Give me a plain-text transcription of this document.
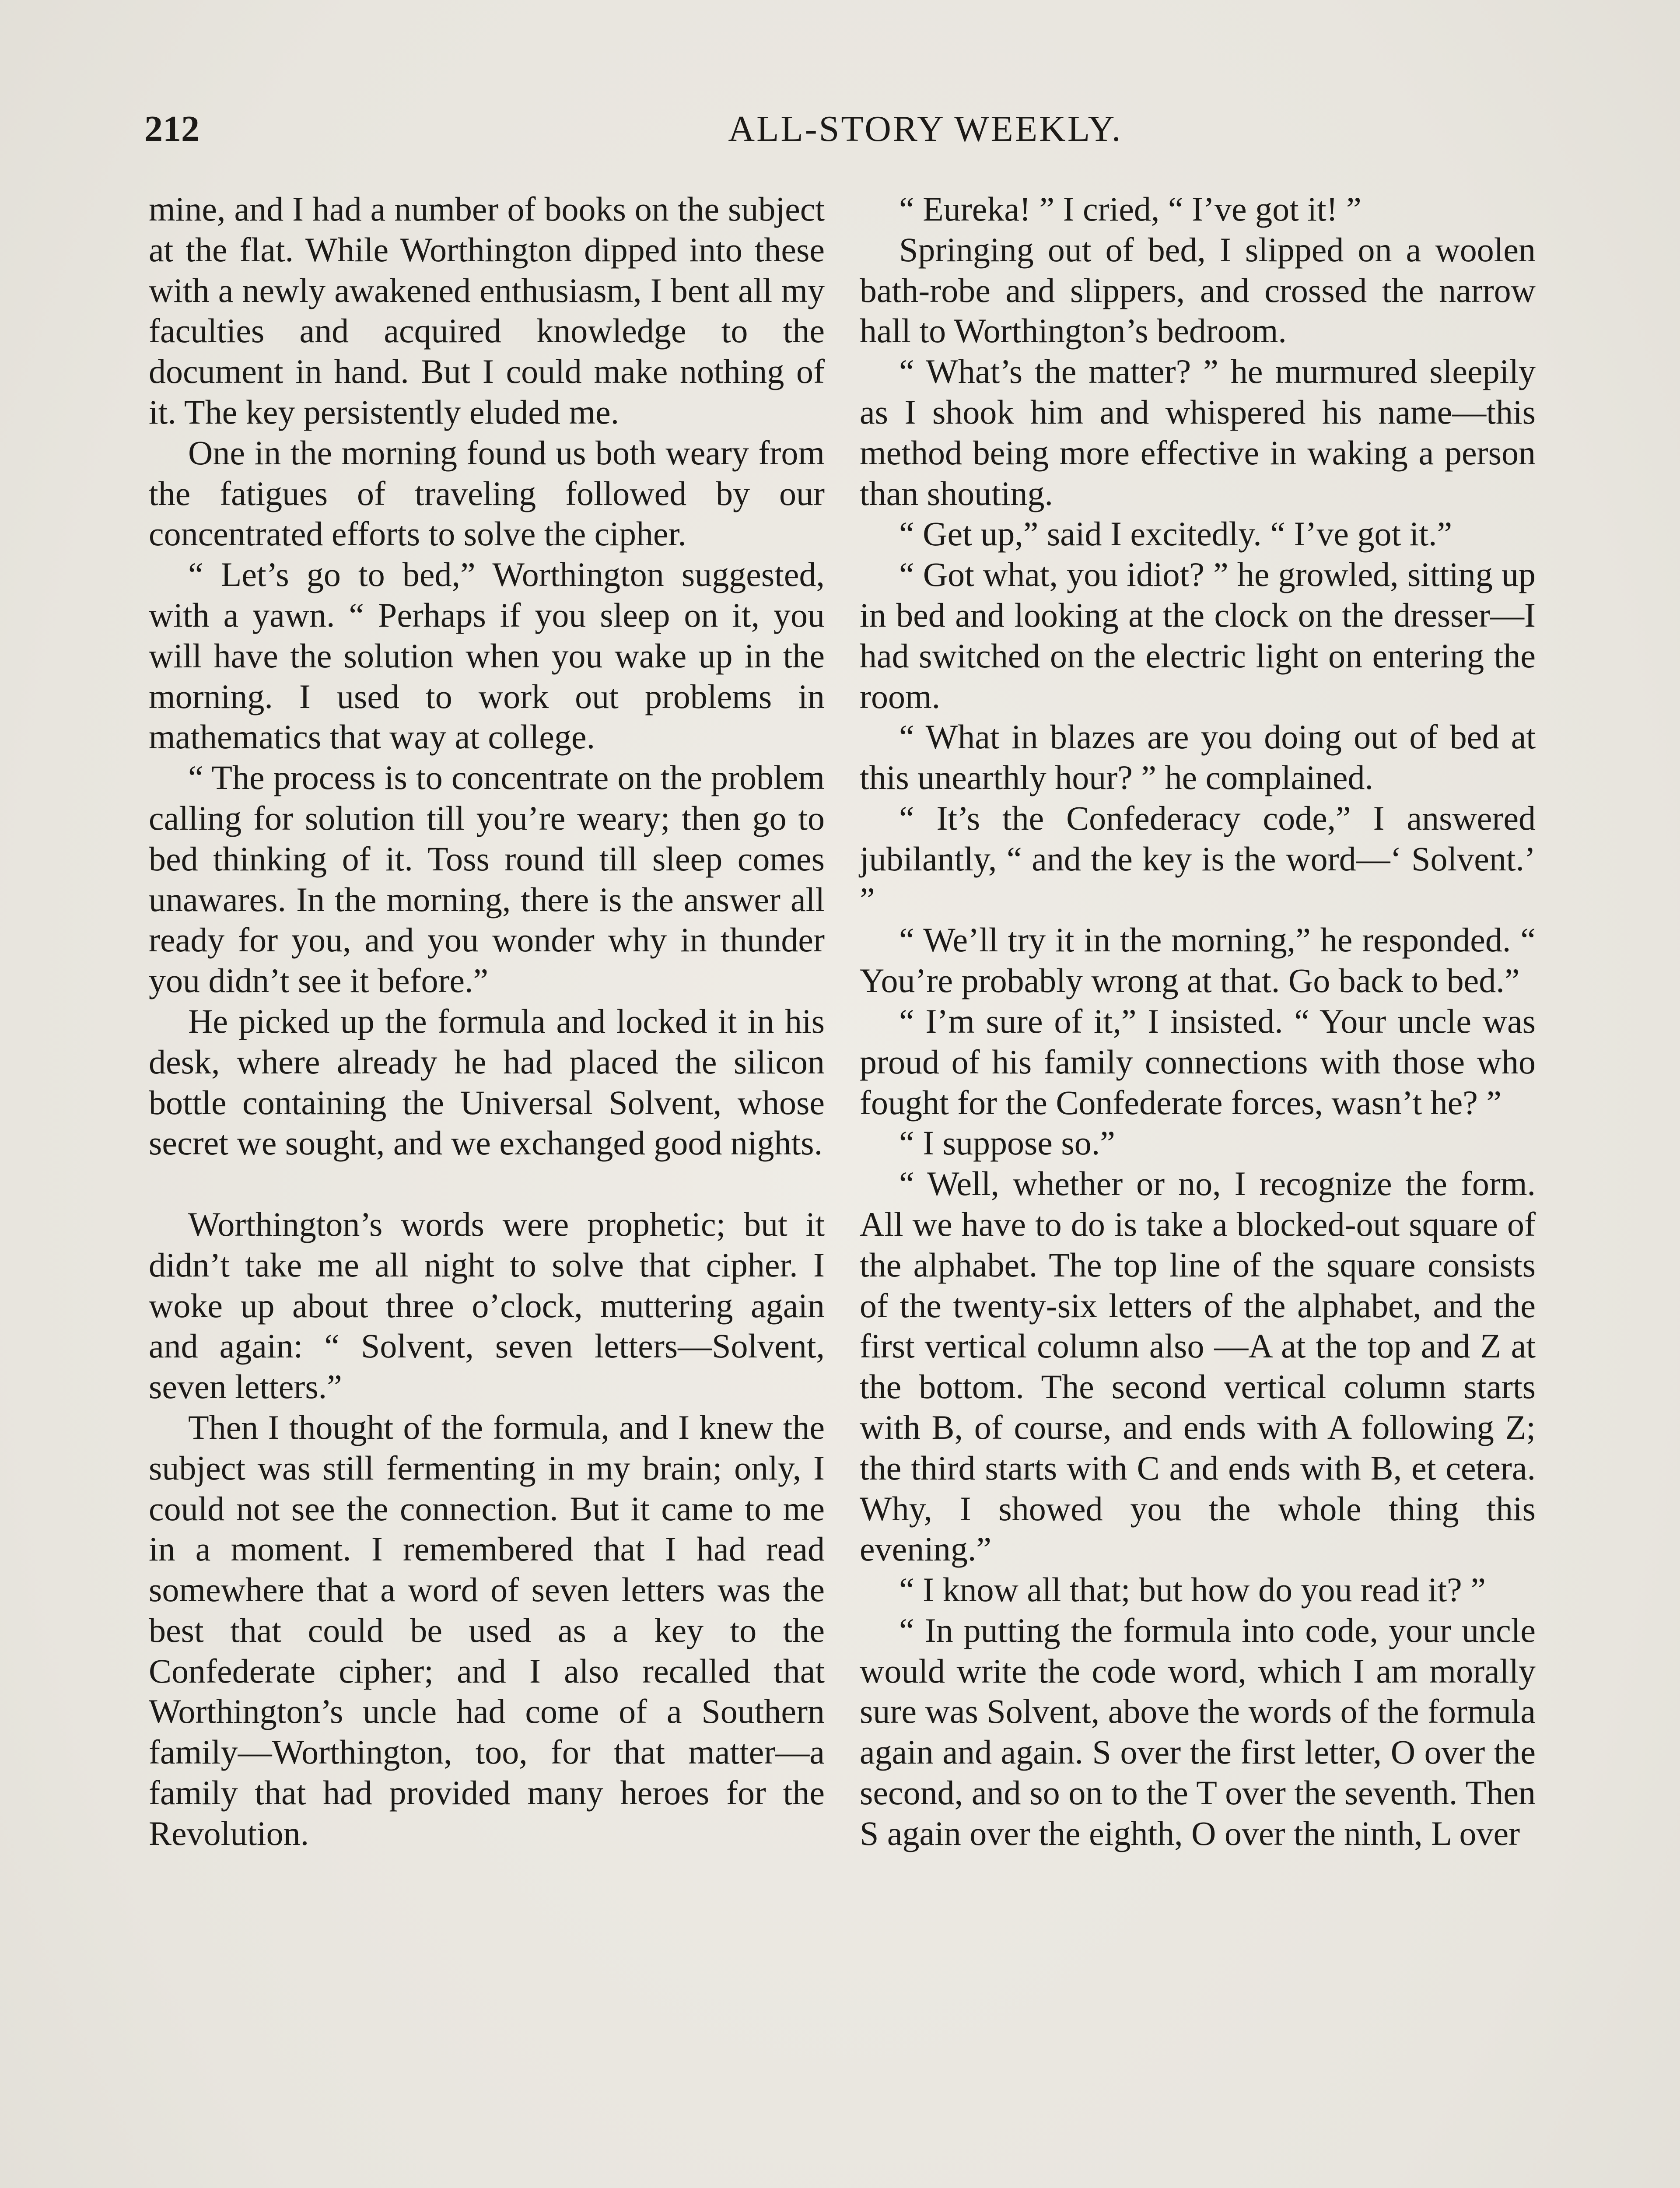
212	ALL-STORY WEEKLY.

mine, and I had a number of books on the subject at the flat. While Worthington dipped into these with a newly awakened enthusiasm, I bent all my faculties and acquired knowledge to the document in hand. But I could make nothing of it. The key persistently eluded me.

One in the morning found us both weary from the fatigues of traveling followed by our concentrated efforts to solve the cipher.

“ Let’s go to bed,” Worthington suggested, with a yawn. “ Perhaps if you sleep on it, you will have the solution when you wake up in the morning. I used to work out problems in mathematics that way at college.

“ The process is to concentrate on the problem calling for solution till you’re weary; then go to bed thinking of it. Toss round till sleep comes unawares. In the morning, there is the answer all ready for you, and you wonder why in thunder you didn’t see it before.”

He picked up the formula and locked it in his desk, where already he had placed the silicon bottle containing the Universal Solvent, whose secret we sought, and we exchanged good nights.

Worthington’s words were prophetic; but it didn’t take me all night to solve that cipher. I woke up about three o’clock, muttering again and again: “ Solvent, seven letters—Solvent, seven letters.”

Then I thought of the formula, and I knew the subject was still fermenting in my brain; only, I could not see the connection. But it came to me in a moment. I remembered that I had read somewhere that a word of seven letters was the best that could be used as a key to the Confederate cipher; and I also recalled that Worthington’s uncle had come of a Southern family—Worthington, too, for that matter—a family that had provided many heroes for the Revolution.

“ Eureka! ” I cried, “ I’ve got it! ”

Springing out of bed, I slipped on a woolen bath-robe and slippers, and crossed the narrow hall to Worthington’s bedroom.

“ What’s the matter? ” he murmured sleepily as I shook him and whispered his name—this method being more effective in waking a person than shouting.

“ Get up,” said I excitedly. “ I’ve got it.”

“ Got what, you idiot? ” he growled, sitting up in bed and looking at the clock on the dresser—I had switched on the electric light on entering the room.

“ What in blazes are you doing out of bed at this unearthly hour? ” he complained.

“ It’s the Confederacy code,” I answered jubilantly, “ and the key is the word—‘ Solvent.’ ”

“ We’ll try it in the morning,” he responded. “ You’re probably wrong at that. Go back to bed.”

“ I’m sure of it,” I insisted. “ Your uncle was proud of his family connections with those who fought for the Confederate forces, wasn’t he? ”

“ I suppose so.”

“ Well, whether or no, I recognize the form. All we have to do is take a blocked-out square of the alphabet. The top line of the square consists of the twenty-six letters of the alphabet, and the first vertical column also —A at the top and Z at the bottom. The second vertical column starts with B, of course, and ends with A following Z; the third starts with C and ends with B, et cetera. Why, I showed you the whole thing this evening.”

“ I know all that; but how do you read it? ”

“ In putting the formula into code, your uncle would write the code word, which I am morally sure was Solvent, above the words of the formula again and again. S over the first letter, O over the second, and so on to the T over the seventh. Then S again over the eighth, O over the ninth, L over
